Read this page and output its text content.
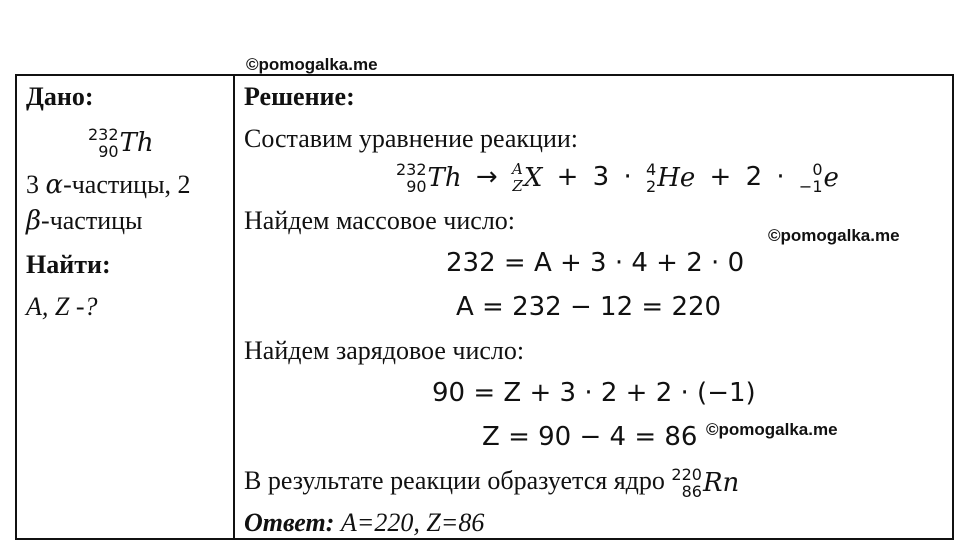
©pomogalka.me
©pomogalka.me
©pomogalka.me
Дано:
232
90 Th
3 α-частицы, 2
β-частицы
Найти:
A, Z -?
Решение:
Составим уравнение реакции:
232
90 Th → A
Z X + 3 · 4
2 He + 2 · 0
−1 e
Найдем массовое число:
232 = A + 3 · 4 + 2 · 0
A = 232 − 12 = 220
Найдем зарядовое число:
90 = Z + 3 · 2 + 2 · (−1)
Z = 90 − 4 = 86
В результате реакции образуется ядро 220
86 Rn
Ответ: A=220, Z=86
